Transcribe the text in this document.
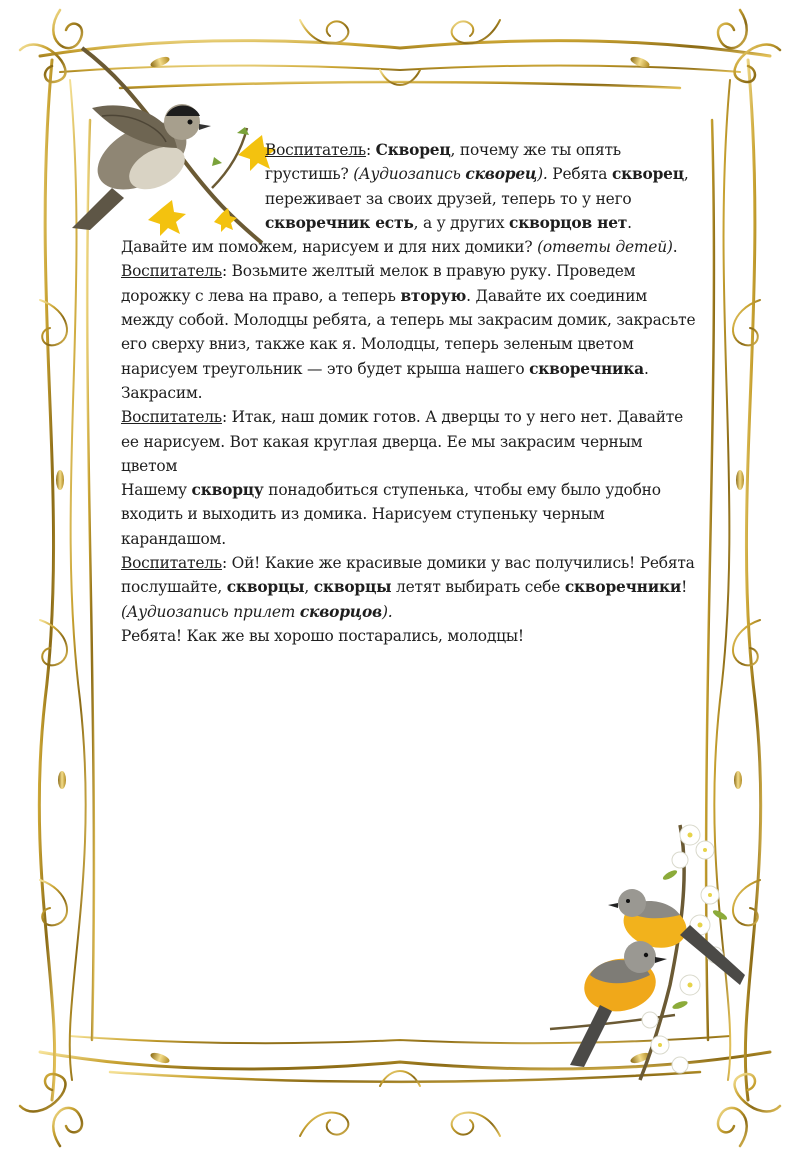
Воспитатель: Скворец, почему же ты опять грустишь? (Аудиозапись скворец). Ребята скворец, переживает за своих друзей, теперь то у него скворечник есть, а у других скворцов нет.

Давайте им поможем, нарисуем и для них домики? (ответы детей).

Воспитатель: Возьмите желтый мелок в правую руку. Проведем дорожку с лева на право, а теперь вторую. Давайте их соединим между собой. Молодцы ребята, а теперь мы закрасим домик, закрасьте его сверху вниз, также как я. Молодцы, теперь зеленым цветом нарисуем треугольник — это будет крыша нашего скворечника. Закрасим.

Воспитатель: Итак, наш домик готов. А дверцы то у него нет. Давайте ее нарисуем. Вот какая круглая дверца. Ее мы закрасим черным цветом

Нашему скворцу понадобиться ступенька, чтобы ему было удобно входить и выходить из домика. Нарисуем ступеньку черным карандашом.

Воспитатель: Ой! Какие же красивые домики у вас получились! Ребята послушайте, скворцы, скворцы летят выбирать себе скворечники! (Аудиозапись прилет скворцов).

Ребята! Как же вы хорошо постарались, молодцы!
